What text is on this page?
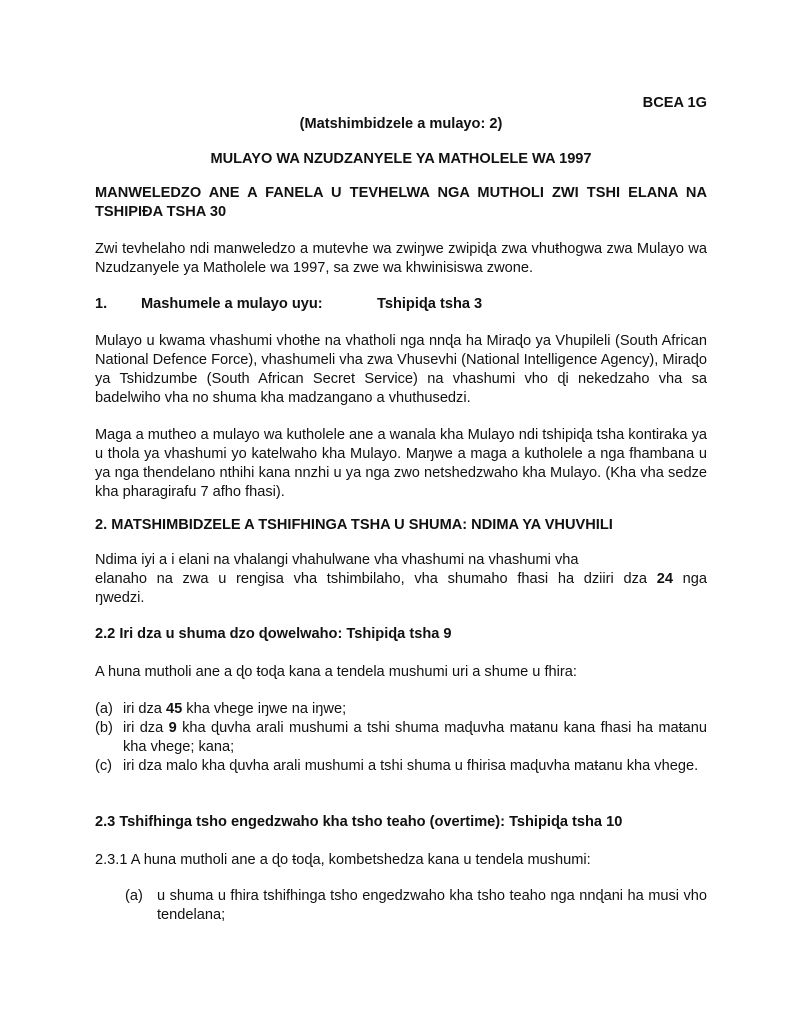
BCEA 1G
(Matshimbidzele a mulayo: 2)
MULAYO WA NZUDZANYELE YA MATHOLELE WA 1997
MANWELEDZO ANE A FANELA U TEVHELWA NGA MUTHOLI ZWI TSHI ELANA NA TSHIPIƉA TSHA 30
Zwi tevhelaho ndi manweledzo a mutevhe wa zwiŋwe zwipiɖa zwa vhuŧhogwa zwa Mulayo wa Nzudzanyele ya Matholele wa 1997, sa zwe wa khwinisiswa zwone.
1. Mashumele a mulayo uyu:	Tshipiɖa tsha 3
Mulayo u kwama vhashumi vhoŧhe na vhatholi nga nnɖa ha Miraɖo ya Vhupileli (South African National Defence Force), vhashumeli vha zwa Vhusevhi (National Intelligence Agency), Miraɖo ya Tshidzumbe (South African Secret Service) na vhashumi vho ɖi nekedzaho vha sa badelwiho vha no shuma kha madzangano a vhuthusedzi.
Maga a mutheo a mulayo wa kutholele ane a wanala kha Mulayo ndi tshipiɖa tsha kontiraka ya u thola ya vhashumi yo katelwaho kha Mulayo. Maŋwe a maga a kutholele a nga fhambana u ya nga thendelano nthihi kana nnzhi u ya nga zwo netshedzwaho kha Mulayo. (Kha vha sedze kha pharagirafu 7 afho fhasi).
2. MATSHIMBIDZELE A TSHIFHINGA TSHA U SHUMA: NDIMA YA VHUVHILI
Ndima iyi a i elani na vhalangi vhahulwane vha vhashumi na vhashumi vha
elanaho na zwa u rengisa vha tshimbilaho, vha shumaho fhasi ha dziiri dza 24 nga
ŋwedzi.
2.2 Iri dza u shuma dzo ɖowelwaho: Tshipiɖa tsha 9
A huna mutholi ane a ɖo ŧoɖa kana a tendela mushumi uri a shume u fhira:
(a) iri dza 45 kha vhege iŋwe na iŋwe;
(b) iri dza 9 kha ɖuvha arali mushumi a tshi shuma maɖuvha maŧanu kana fhasi ha maŧanu kha vhege; kana;
(c) iri dza malo kha ɖuvha arali mushumi a tshi shuma u fhirisa maɖuvha maŧanu kha vhege.
2.3 Tshifhinga tsho engedzwaho kha tsho teaho (overtime): Tshipiɖa tsha 10
2.3.1 A huna mutholi ane a ɖo ŧoɖa, kombetshedza kana u tendela mushumi:
(a) u shuma u fhira tshifhinga tsho engedzwaho kha tsho teaho nga nnɖani ha musi vho tendelana;
